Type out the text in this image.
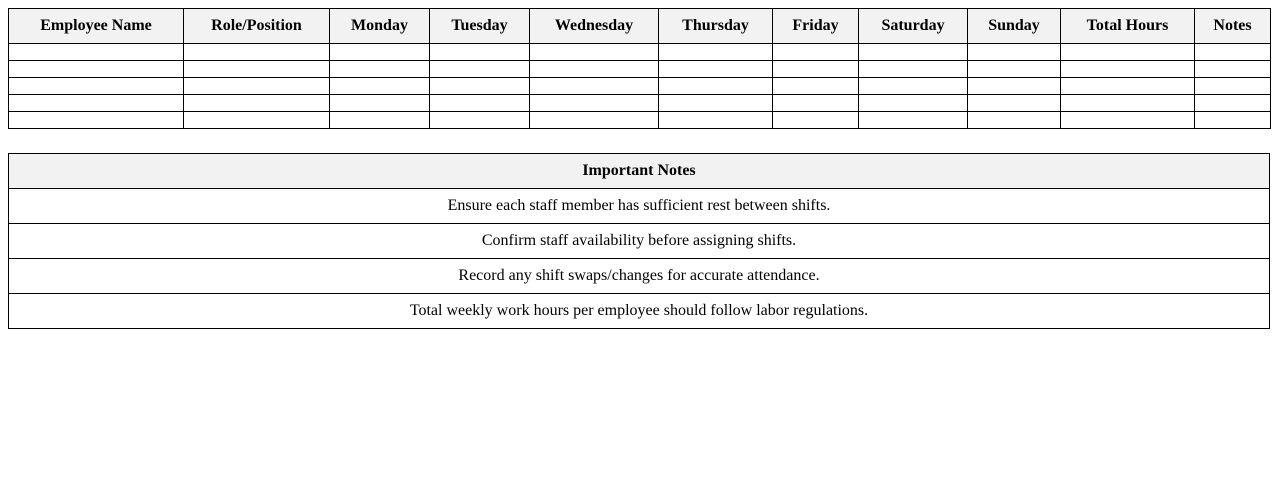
Employee Name	Role/Position	Monday	Tuesday	Wednesday	Thursday	Friday	Saturday	Sunday	Total Hours	Notes

Important Notes
Ensure each staff member has sufficient rest between shifts.
Confirm staff availability before assigning shifts.
Record any shift swaps/changes for accurate attendance.
Total weekly work hours per employee should follow labor regulations.
